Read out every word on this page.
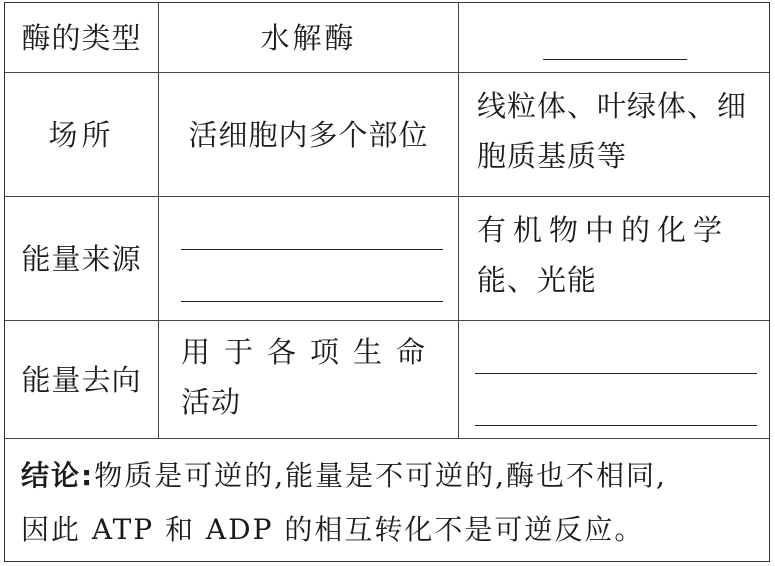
酶的类型	水解酶
场所	活细胞内多个部位
线粒体、叶绿体、细
胞质基质等
能量来源
有机物中的化学
能、光能
能量去向
用于各项生命
活动
结论:物质是可逆的,能量是不可逆的,酶也不相同,
因此 ATP 和 ADP 的相互转化不是可逆反应。
